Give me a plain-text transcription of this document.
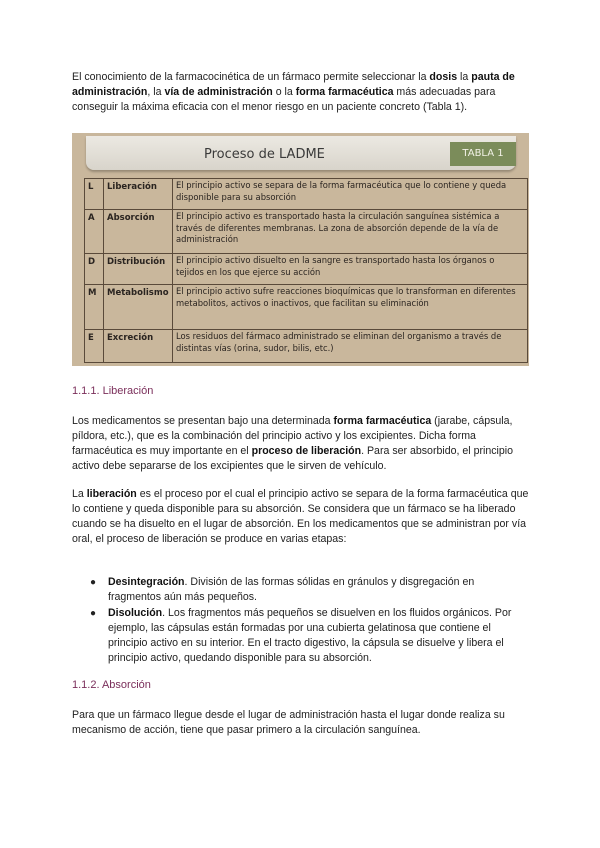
El conocimiento de la farmacocinética de un fármaco permite seleccionar la dosis la pauta de administración, la vía de administración o la forma farmacéutica más adecuadas para conseguir la máxima eficacia con el menor riesgo en un paciente concreto (Tabla 1).

Proceso de LADME	TABLA 1
L	Liberación	El principio activo se separa de la forma farmacéutica que lo contiene y queda disponible para su absorción
A	Absorción	El principio activo es transportado hasta la circulación sanguínea sistémica a través de diferentes membranas. La zona de absorción depende de la vía de administración
D	Distribución	El principio activo disuelto en la sangre es transportado hasta los órganos o tejidos en los que ejerce su acción
M	Metabolismo	El principio activo sufre reacciones bioquímicas que lo transforman en diferentes metabolitos, activos o inactivos, que facilitan su eliminación
E	Excreción	Los residuos del fármaco administrado se eliminan del organismo a través de distintas vías (orina, sudor, bilis, etc.)
1.1.1. Liberación

Los medicamentos se presentan bajo una determinada forma farmacéutica (jarabe, cápsula, píldora, etc.), que es la combinación del principio activo y los excipientes. Dicha forma farmacéutica es muy importante en el proceso de liberación. Para ser absorbido, el principio activo debe separarse de los excipientes que le sirven de vehículo.

La liberación es el proceso por el cual el principio activo se separa de la forma farmacéutica que lo contiene y queda disponible para su absorción. Se considera que un fármaco se ha liberado cuando se ha disuelto en el lugar de absorción. En los medicamentos que se administran por vía oral, el proceso de liberación se produce en varias etapas:

● Desintegración. División de las formas sólidas en gránulos y disgregación en fragmentos aún más pequeños.
● Disolución. Los fragmentos más pequeños se disuelven en los fluidos orgánicos. Por ejemplo, las cápsulas están formadas por una cubierta gelatinosa que contiene el principio activo en su interior. En el tracto digestivo, la cápsula se disuelve y libera el principio activo, quedando disponible para su absorción.
1.1.2. Absorción

Para que un fármaco llegue desde el lugar de administración hasta el lugar donde realiza su mecanismo de acción, tiene que pasar primero a la circulación sanguínea.
